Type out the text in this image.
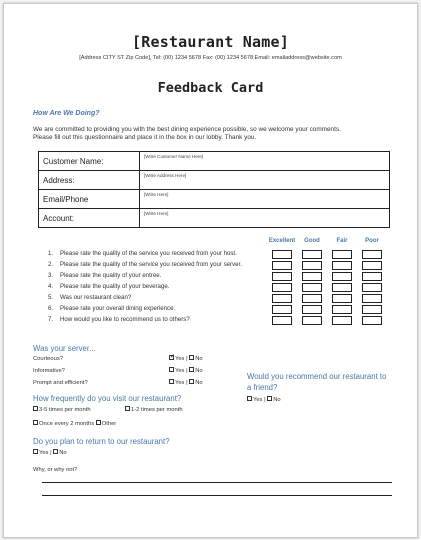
[Restaurant Name]
[Address CITY ST Zip Code], Tel: (00) 1234 5678 Fax: (00) 1234 5678 Email: emailaddress@website.com
Feedback Card
How Are We Doing?
We are committed to providing you with the best dining experience possible, so we welcome your comments.
Please fill out this questionnaire and place it in the box in our lobby. Thank you.
Customer Name:	[Write Customer Name Here]
Address:	[Write Address Here]
Email/Phone	[Write Here]
Account:	[Write Here]
Excellent	Good	Fair	Poor
1. Please rate the quality of the service you received from your host.
2. Please rate the quality of the service you received from your server.
3. Please rate the quality of your entree.
4. Please rate the quality of your beverage.
5. Was our restaurant clean?
6. Please rate your overall dining experience.
7. How would you like to recommend us to others?
Was your server...
Courteous? ✓	Yes | No
Informative?	Yes | No
Prompt and efficient?	Yes | No
Would you recommend our restaurant to
a friend?
Yes | No
How frequently do you visit our restaurant?
3-5 times per month	1-2 times per month
Once every 2 months Other
Do you plan to return to our restaurant?
Yes | No
Why, or why not?
